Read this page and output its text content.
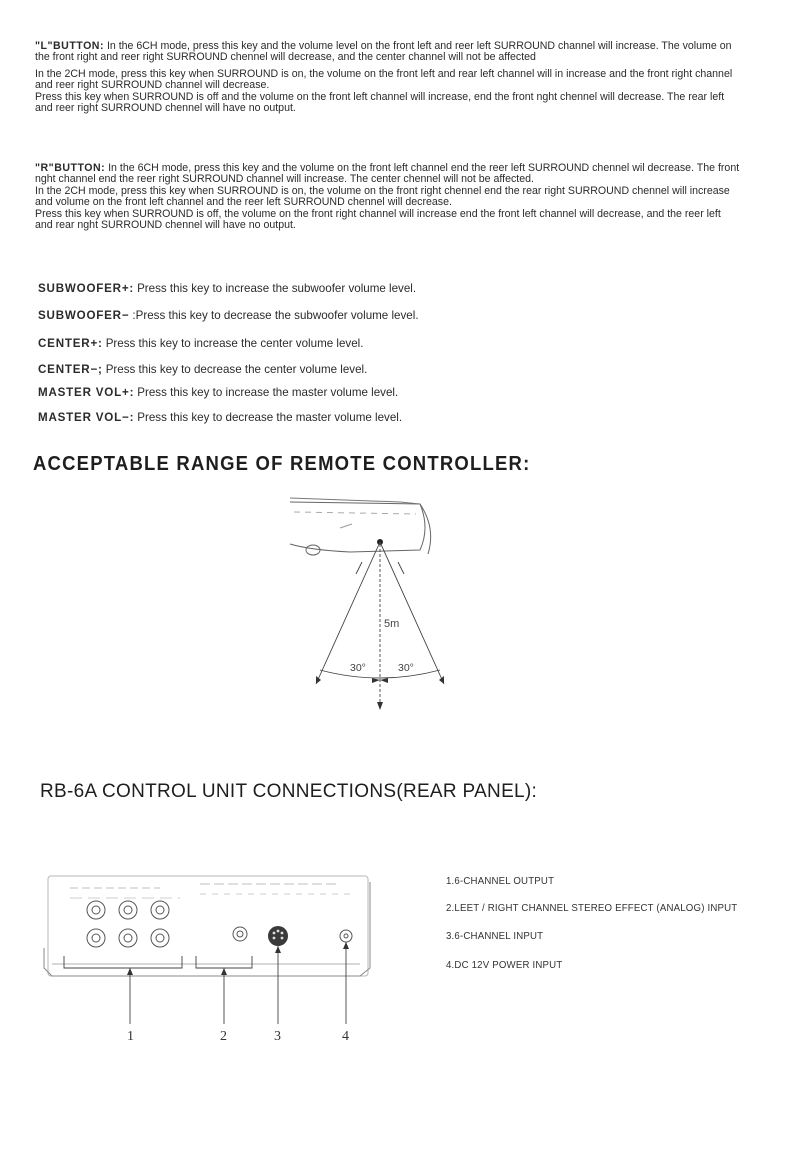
"L"BUTTON: In the 6CH mode, press this key and the volume level on the front left and reer left SURROUND channel will increase. The volume on the front right and reer right SURROUND chennel will decrease, and the center channel will not be affected

In the 2CH mode, press this key when SURROUND is on, the volume on the front left and rear left channel will in increase and the front right channel and reer right SURROUND channel will decrease.

Press this key when SURROUND is off and the volume on the front left channel will increase, end the front nght chennel will decrease. The rear left and reer right SURROUND chennel will have no output.

"R"BUTTON: In the 6CH mode, press this key and the volume on the front left channel end the reer left SURROUND chennel wil decrease. The front nght channel end the reer right SURROUND channel will increase. The center chennel will not be affected.

In the 2CH mode, press this key when SURROUND is on, the volume on the front right chennel end the rear right SURROUND chennel will increase and volume on the front left channel and the reer left SURROUND chennel will decrease.

Press this key when SURROUND is off, the volume on the front right channel will increase end the front left channel will decrease, and the reer left and rear nght SURROUND chennel will have no output.

SUBWOOFER+: Press this key to increase the subwoofer volume level.
SUBWOOFER− :Press this key to decrease the subwoofer volume level.
CENTER+: Press this key to increase the center volume level.
CENTER−; Press this key to decrease the center volume level.
MASTER VOL+: Press this key to increase the master volume level.
MASTER VOL−: Press this key to decrease the master volume level.
ACCEPTABLE RANGE OF REMOTE CONTROLLER:
5m
30°	30°
RB-6A CONTROL UNIT CONNECTIONS(REAR PANEL):
1	2	3	4
1.6-CHANNEL OUTPUT
2.LEET / RIGHT CHANNEL STEREO EFFECT (ANALOG) INPUT
3.6-CHANNEL INPUT
4.DC 12V POWER INPUT
